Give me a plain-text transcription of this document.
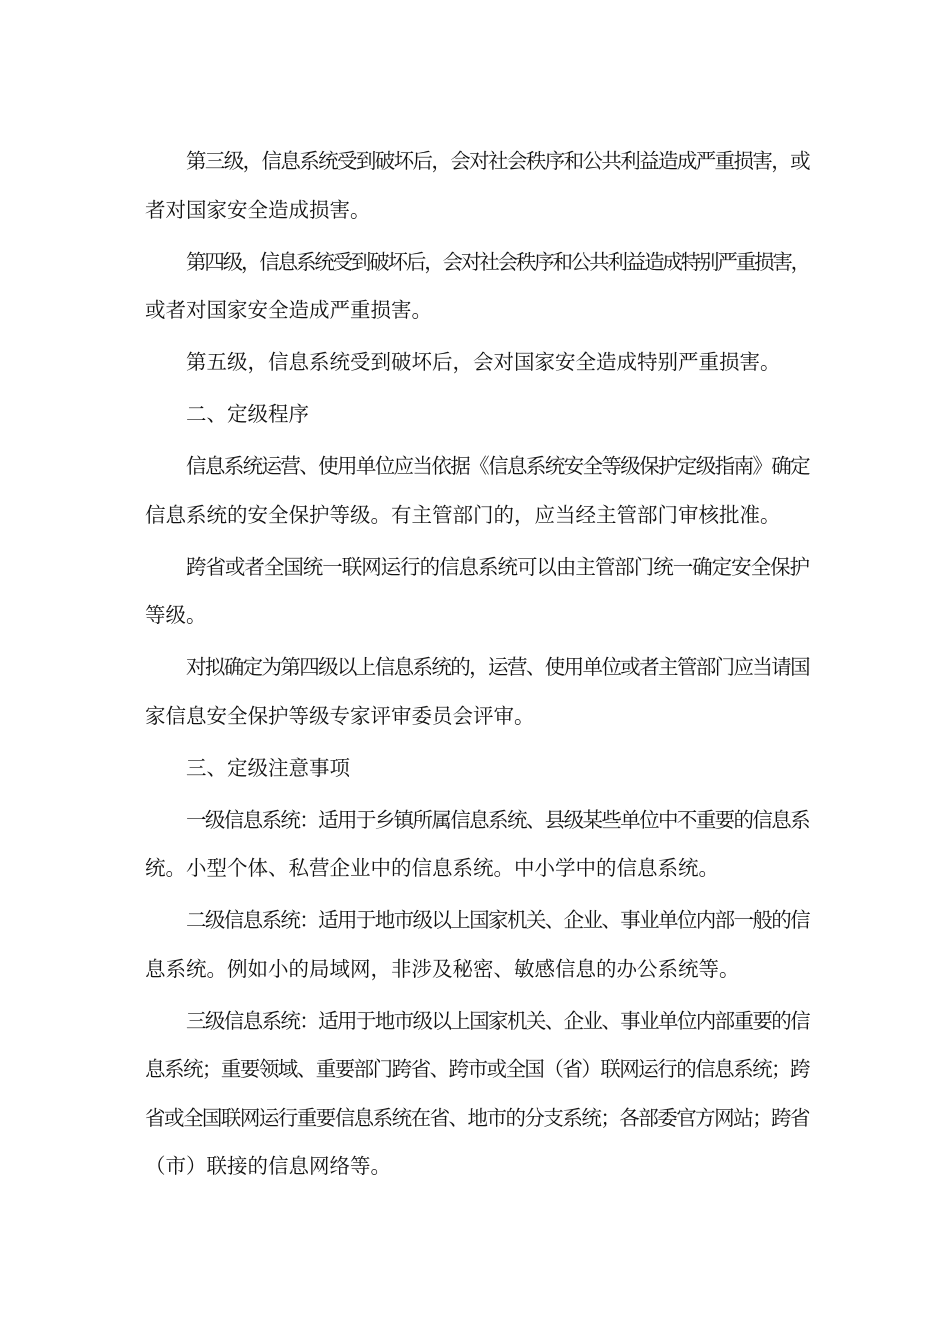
第三级，信息系统受到破坏后，会对社会秩序和公共利益造成严重损害，或
者对国家安全造成损害。
第四级，信息系统受到破坏后，会对社会秩序和公共利益造成特别严重损害，
或者对国家安全造成严重损害。
第五级，信息系统受到破坏后，会对国家安全造成特别严重损害。
二、定级程序
信息系统运营、使用单位应当依据《信息系统安全等级保护定级指南》确定
信息系统的安全保护等级。有主管部门的，应当经主管部门审核批准。
跨省或者全国统一联网运行的信息系统可以由主管部门统一确定安全保护
等级。
对拟确定为第四级以上信息系统的，运营、使用单位或者主管部门应当请国
家信息安全保护等级专家评审委员会评审。
三、定级注意事项
一级信息系统：适用于乡镇所属信息系统、县级某些单位中不重要的信息系
统。小型个体、私营企业中的信息系统。中小学中的信息系统。
二级信息系统：适用于地市级以上国家机关、企业、事业单位内部一般的信
息系统。例如小的局域网，非涉及秘密、敏感信息的办公系统等。
三级信息系统：适用于地市级以上国家机关、企业、事业单位内部重要的信
息系统；重要领域、重要部门跨省、跨市或全国（省）联网运行的信息系统；跨
省或全国联网运行重要信息系统在省、地市的分支系统；各部委官方网站；跨省
（市）联接的信息网络等。
